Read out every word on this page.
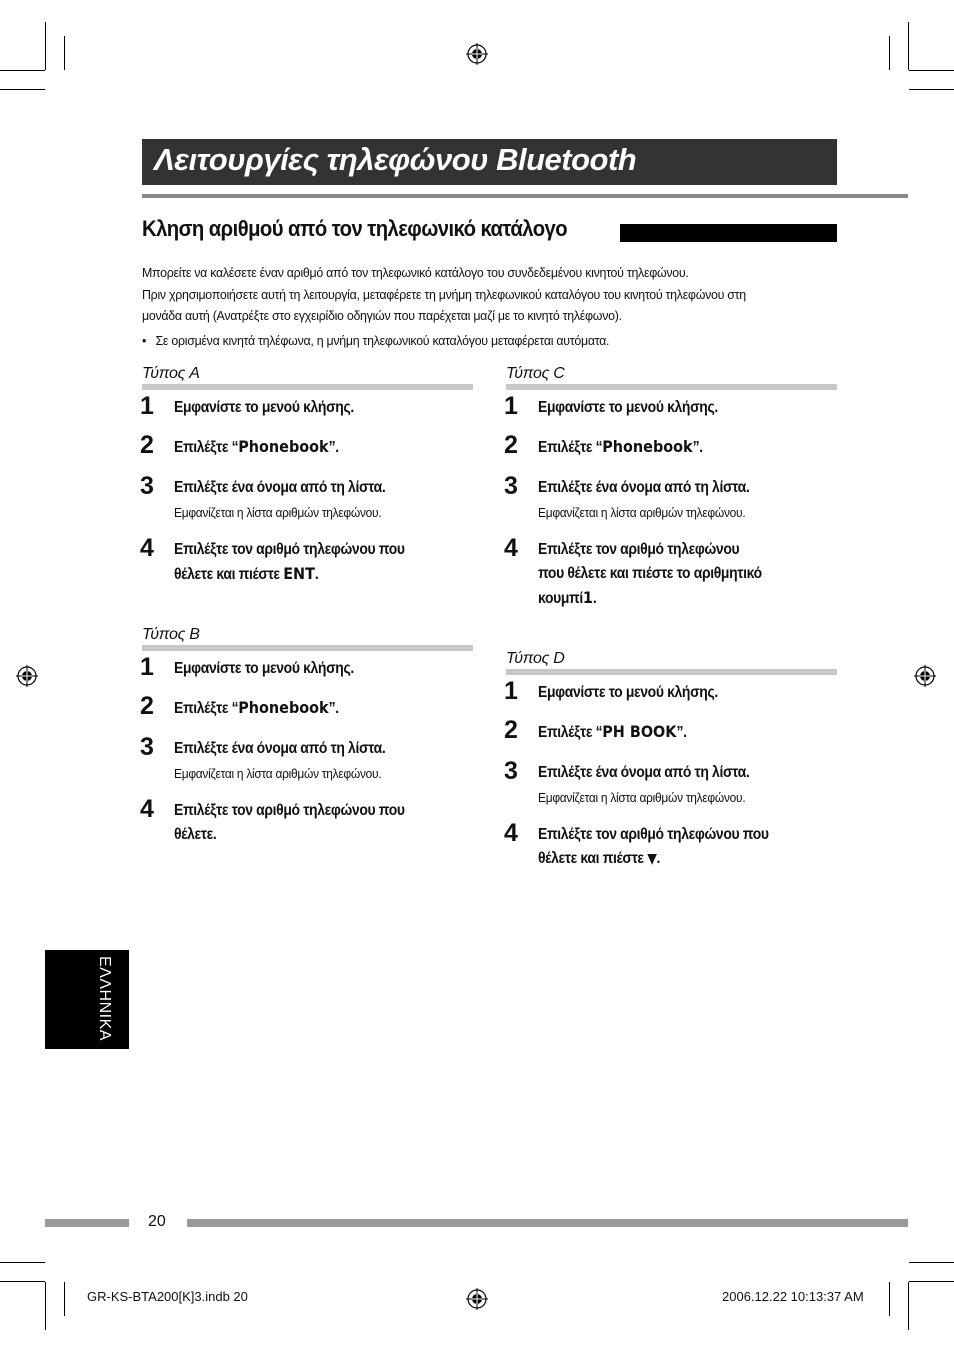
Λειτουργίες τηλεφώνου Bluetooth
Κληση αριθμού από τον τηλεφωνικό κατάλογο

Μπορείτε να καλέσετε έναν αριθμό από τον τηλεφωνικό κατάλογο του συνδεδεμένου κινητού τηλεφώνου.

Πριν χρησιμοποιήσετε αυτή τη λειτουργία, μεταφέρετε τη μνήμη τηλεφωνικού καταλόγου του κινητού τηλεφώνου στη

μονάδα αυτή (Ανατρέξτε στο εγχειρίδιο οδηγιών που παρέχεται μαζί με το κινητό τηλέφωνο).

•   Σε ορισμένα κινητά τηλέφωνα, η μνήμη τηλεφωνικού καταλόγου μεταφέρεται αυτόματα.

Τύπος A
1 Εμφανίστε το μενού κλήσης.
2 Επιλέξτε “Phonebook”.
3 Επιλέξτε ένα όνομα από τη λίστα.
Εμφανίζεται η λίστα αριθμών τηλεφώνου.
4 Επιλέξτε τον αριθμό τηλεφώνου που
θέλετε και πιέστε ENT.
Τύπος B
1 Εμφανίστε το μενού κλήσης.
2 Επιλέξτε “Phonebook”.
3 Επιλέξτε ένα όνομα από τη λίστα.
Εμφανίζεται η λίστα αριθμών τηλεφώνου.
4 Επιλέξτε τον αριθμό τηλεφώνου που
θέλετε.
Τύπος C
1 Εμφανίστε το μενού κλήσης.
2 Επιλέξτε “Phonebook”.
3 Επιλέξτε ένα όνομα από τη λίστα.
Εμφανίζεται η λίστα αριθμών τηλεφώνου.
4 Επιλέξτε τον αριθμό τηλεφώνου
που θέλετε και πιέστε το αριθμητικό
κουμπί1.
Τύπος D
1 Εμφανίστε το μενού κλήσης.
2 Επιλέξτε “PH BOOK”.
3 Επιλέξτε ένα όνομα από τη λίστα.
Εμφανίζεται η λίστα αριθμών τηλεφώνου.
4 Επιλέξτε τον αριθμό τηλεφώνου που
θέλετε και πιέστε ▼.
ΕΛΛΗΝΙΚΑ
20
GR-KS-BTA200[K]3.indb 20	2006.12.22 10:13:37 AM
